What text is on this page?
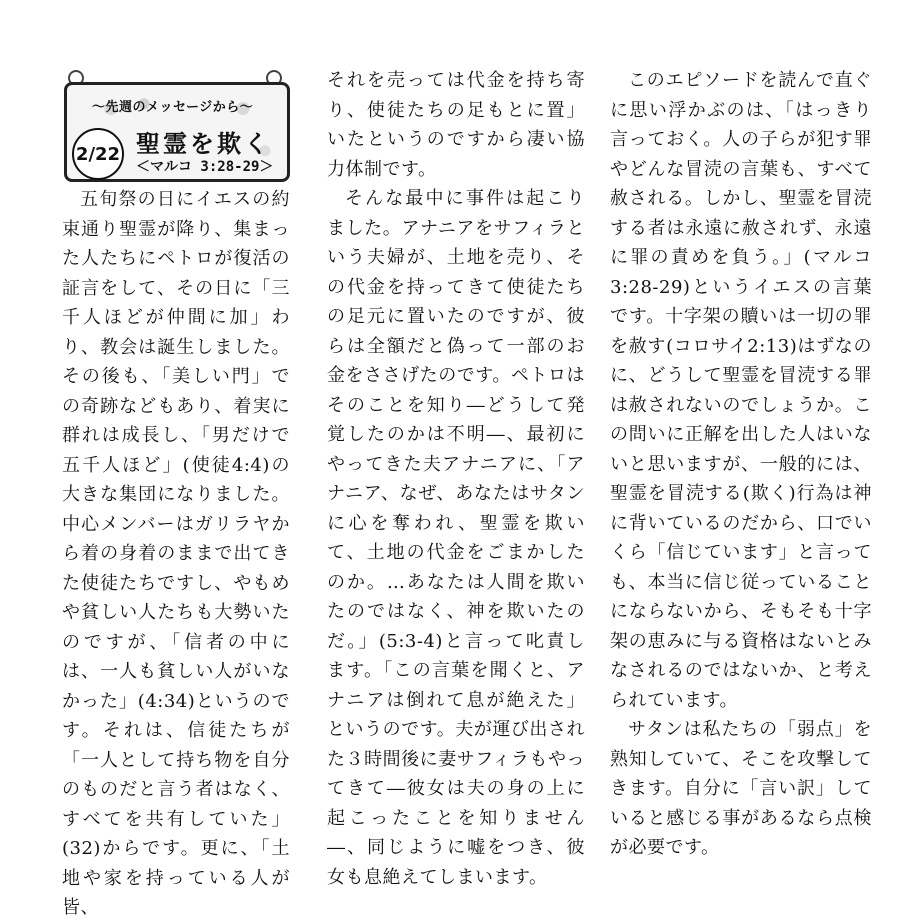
～先週のメッセージから～
2/22 聖霊を欺く
＜マルコ 3:28-29＞

五旬祭の日にイエスの約束通り聖霊が降り、集まった人たちにペトロが復活の証言をして、その日に「三千人ほどが仲間に加」わり、教会は誕生しました。その後も、「美しい門」での奇跡などもあり、着実に群れは成長し、「男だけで五千人ほど」(使徒4:4)の大きな集団になりました。中心メンバーはガリラヤから着の身着のままで出てきた使徒たちですし、やもめや貧しい人たちも大勢いたのですが、「信者の中には、一人も貧しい人がいなかった」(4:34)というのです。それは、信徒たちが「一人として持ち物を自分のものだと言う者はなく、すべてを共有していた」(32)からです。更に、「土地や家を持っている人が皆、

それを売っては代金を持ち寄り、使徒たちの足もとに置」いたというのですから凄い協力体制です。

そんな最中に事件は起こりました。アナニアをサフィラという夫婦が、土地を売り、その代金を持ってきて使徒たちの足元に置いたのですが、彼らは全額だと偽って一部のお金をささげたのです。ペトロはそのことを知り―どうして発覚したのかは不明―、最初にやってきた夫アナニアに、「アナニア、なぜ、あなたはサタンに心を奪われ、聖霊を欺いて、土地の代金をごまかしたのか。…あなたは人間を欺いたのではなく、神を欺いたのだ。」(5:3-4)と言って叱責します。「この言葉を聞くと、アナニアは倒れて息が絶えた」というのです。夫が運び出された３時間後に妻サフィラもやってきて―彼女は夫の身の上に起こったことを知りません―、同じように嘘をつき、彼女も息絶えてしまいます。

このエピソードを読んで直ぐに思い浮かぶのは、「はっきり言っておく。人の子らが犯す罪やどんな冒涜の言葉も、すべて赦される。しかし、聖霊を冒涜する者は永遠に赦されず、永遠に罪の責めを負う。」(マルコ3:28-29)というイエスの言葉です。十字架の贖いは一切の罪を赦す(コロサイ2:13)はずなのに、どうして聖霊を冒涜する罪は赦されないのでしょうか。この問いに正解を出した人はいないと思いますが、一般的には、聖霊を冒涜する(欺く)行為は神に背いているのだから、口でいくら「信じています」と言っても、本当に信じ従っていることにならないから、そもそも十字架の恵みに与る資格はないとみなされるのではないか、と考えられています。

サタンは私たちの「弱点」を熟知していて、そこを攻撃してきます。自分に「言い訳」していると感じる事があるなら点検が必要です。
